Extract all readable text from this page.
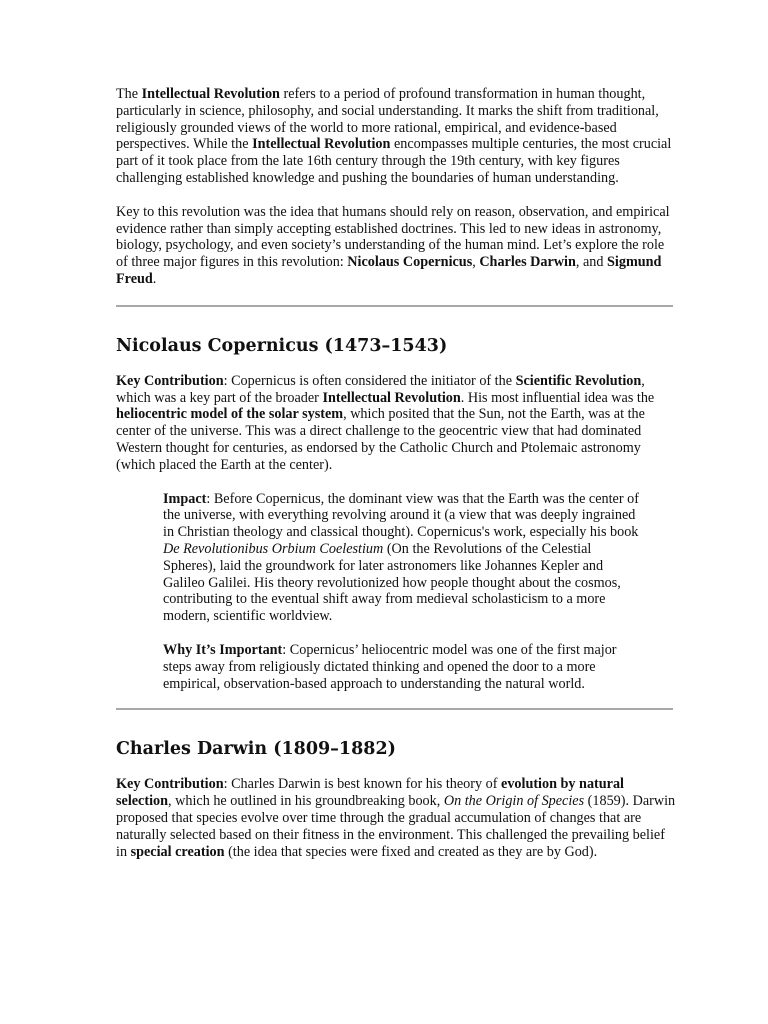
The Intellectual Revolution refers to a period of profound transformation in human thought, particularly in science, philosophy, and social understanding. It marks the shift from traditional, religiously grounded views of the world to more rational, empirical, and evidence-based perspectives. While the Intellectual Revolution encompasses multiple centuries, the most crucial part of it took place from the late 16th century through the 19th century, with key figures challenging established knowledge and pushing the boundaries of human understanding.

Key to this revolution was the idea that humans should rely on reason, observation, and empirical evidence rather than simply accepting established doctrines. This led to new ideas in astronomy, biology, psychology, and even society’s understanding of the human mind. Let’s explore the role of three major figures in this revolution: Nicolaus Copernicus, Charles Darwin, and Sigmund Freud.

Nicolaus Copernicus (1473–1543)

Key Contribution: Copernicus is often considered the initiator of the Scientific Revolution, which was a key part of the broader Intellectual Revolution. His most influential idea was the heliocentric model of the solar system, which posited that the Sun, not the Earth, was at the center of the universe. This was a direct challenge to the geocentric view that had dominated Western thought for centuries, as endorsed by the Catholic Church and Ptolemaic astronomy (which placed the Earth at the center).

Impact: Before Copernicus, the dominant view was that the Earth was the center of the universe, with everything revolving around it (a view that was deeply ingrained in Christian theology and classical thought). Copernicus's work, especially his book De Revolutionibus Orbium Coelestium (On the Revolutions of the Celestial Spheres), laid the groundwork for later astronomers like Johannes Kepler and Galileo Galilei. His theory revolutionized how people thought about the cosmos, contributing to the eventual shift away from medieval scholasticism to a more modern, scientific worldview.

Why It’s Important: Copernicus’ heliocentric model was one of the first major steps away from religiously dictated thinking and opened the door to a more empirical, observation-based approach to understanding the natural world.

Charles Darwin (1809–1882)

Key Contribution: Charles Darwin is best known for his theory of evolution by natural selection, which he outlined in his groundbreaking book, On the Origin of Species (1859). Darwin proposed that species evolve over time through the gradual accumulation of changes that are naturally selected based on their fitness in the environment. This challenged the prevailing belief in special creation (the idea that species were fixed and created as they are by God).
